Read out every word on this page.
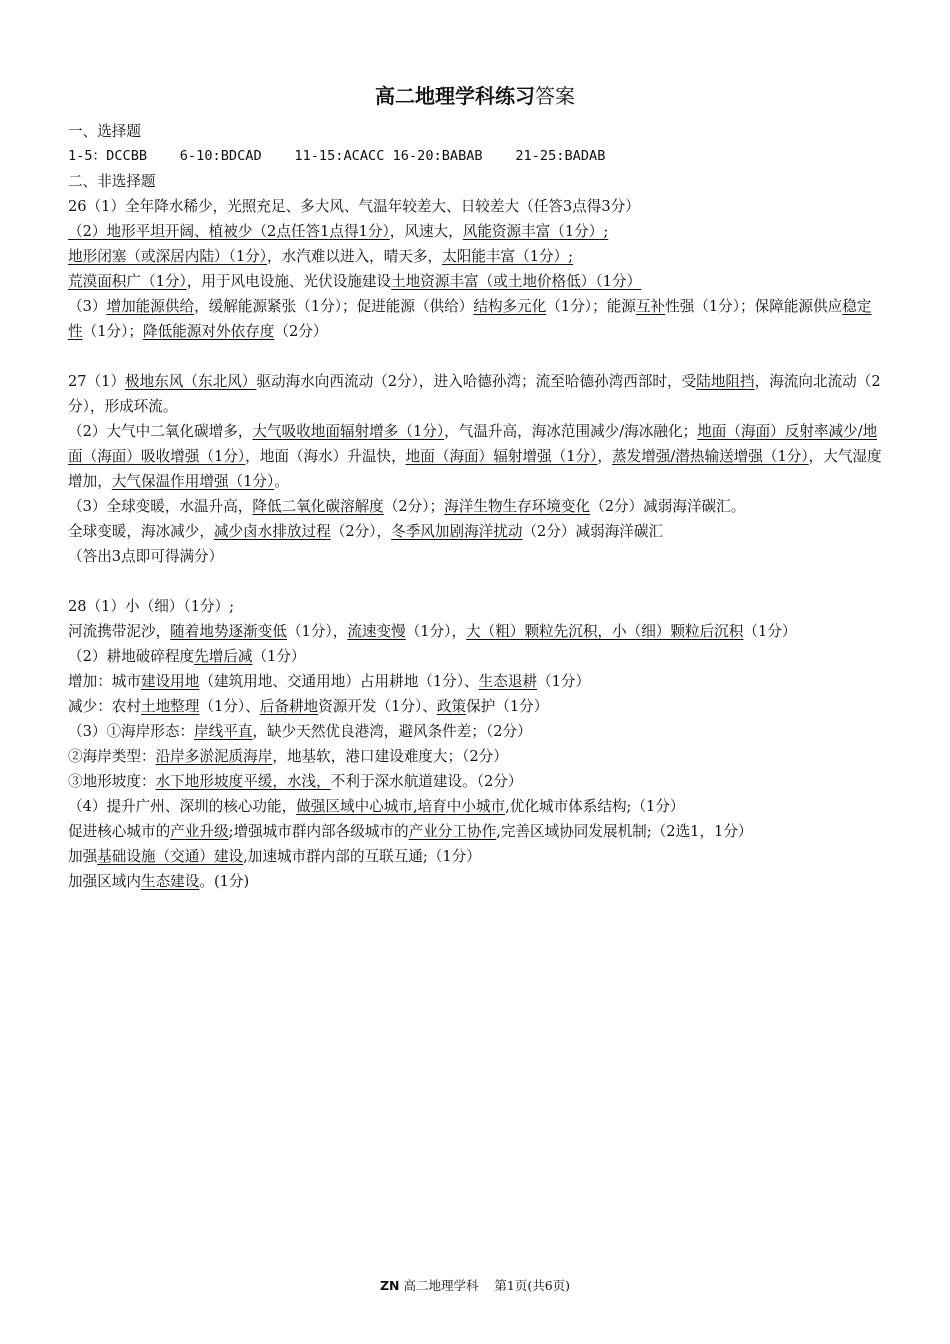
高二地理学科练习答案

一、选择题

1-5：DCCBB    6-10:BDCAD    11-15:ACACC 16-20:BABAB    21-25:BADAB

二、非选择题

26（1）全年降水稀少，光照充足、多大风、气温年较差大、日较差大（任答3点得3分）

（2）地形平坦开阔、植被少（2点任答1点得1分），风速大，风能资源丰富（1分）;

地形闭塞（或深居内陆）（1分），水汽难以进入，晴天多，太阳能丰富（1分）;

荒漠面积广（1分），用于风电设施、光伏设施建设土地资源丰富（或土地价格低）（1分）

（3）增加能源供给，缓解能源紧张（1分）；促进能源（供给）结构多元化（1分）；能源互补性强（1分）；保障能源供应稳定性（1分）；降低能源对外依存度（2分）

27（1）极地东风（东北风）驱动海水向西流动（2分），进入哈德孙湾；流至哈德孙湾西部时，受陆地阻挡，海流向北流动（2分），形成环流。

（2）大气中二氧化碳增多，大气吸收地面辐射增多（1分），气温升高，海冰范围减少/海冰融化；地面（海面）反射率减少/地面（海面）吸收增强（1分），地面（海水）升温快，地面（海面）辐射增强（1分），蒸发增强/潜热输送增强（1分），大气湿度增加，大气保温作用增强（1分）。

（3）全球变暖，水温升高，降低二氧化碳溶解度（2分）；海洋生物生存环境变化（2分）减弱海洋碳汇。

全球变暖，海冰减少，减少卤水排放过程（2分），冬季风加剧海洋扰动（2分）减弱海洋碳汇

（答出3点即可得满分）

28（1）小（细）（1分）;

河流携带泥沙，随着地势逐渐变低（1分），流速变慢（1分），大（粗）颗粒先沉积，小（细）颗粒后沉积（1分）

（2）耕地破碎程度先增后减（1分）

增加：城市建设用地（建筑用地、交通用地）占用耕地（1分）、生态退耕（1分）

减少：农村土地整理（1分）、后备耕地资源开发（1分）、政策保护（1分）

（3）①海岸形态：岸线平直，缺少天然优良港湾，避风条件差；（2分）

②海岸类型：沿岸多淤泥质海岸，地基软，港口建设难度大；（2分）

③地形坡度：水下地形坡度平缓，水浅，不利于深水航道建设。（2分）

（4）提升广州、深圳的核心功能，做强区域中心城市,培育中小城市,优化城市体系结构;（1分）

促进核心城市的产业升级;增强城市群内部各级城市的产业分工协作,完善区域协同发展机制;（2选1，1分）

加强基础设施（交通）建设,加速城市群内部的互联互通;（1分）

加强区域内生态建设。(1分)

ZN 高二地理学科    第1页(共6页)
